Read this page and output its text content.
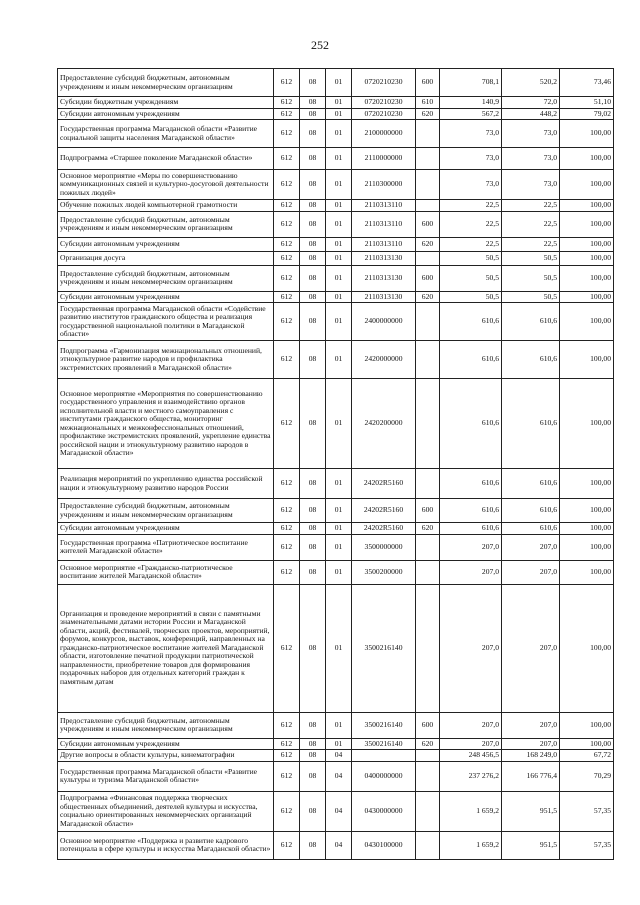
252
Предоставление субсидий бюджетным, автономным учреждениям и иным некоммерческим организациям	612	08	01	0720210230	600	708,1	520,2	73,46
Субсидии бюджетным учреждениям	612	08	01	0720210230	610	140,9	72,0	51,10
Субсидии автономным учреждениям	612	08	01	0720210230	620	567,2	448,2	79,02
Государственная программа Магаданской области «Развитие социальной защиты населения Магаданской области»	612	08	01	2100000000		73,0	73,0	100,00
Подпрограмма «Старшее поколение Магаданской области»	612	08	01	2110000000		73,0	73,0	100,00
Основное мероприятие «Меры по совершенствованию коммуникационных связей и культурно-досуговой деятельности пожилых людей»	612	08	01	2110300000		73,0	73,0	100,00
Обучение пожилых людей компьютерной грамотности	612	08	01	2110313110		22,5	22,5	100,00
Предоставление субсидий бюджетным, автономным учреждениям и иным некоммерческим организациям	612	08	01	2110313110	600	22,5	22,5	100,00
Субсидии автономным учреждениям	612	08	01	2110313110	620	22,5	22,5	100,00
Организация досуга	612	08	01	2110313130		50,5	50,5	100,00
Предоставление субсидий бюджетным, автономным учреждениям и иным некоммерческим организациям	612	08	01	2110313130	600	50,5	50,5	100,00
Субсидии автономным учреждениям	612	08	01	2110313130	620	50,5	50,5	100,00
Государственная программа Магаданской области «Содействие развитию институтов гражданского общества и реализация государственной национальной политики в Магаданской области»	612	08	01	2400000000		610,6	610,6	100,00
Подпрограмма «Гармонизация межнациональных отношений, этнокультурное развитие народов и профилактика экстремистских проявлений в Магаданской области»	612	08	01	2420000000		610,6	610,6	100,00
Основное мероприятие «Мероприятия по совершенствованию государственного управления и взаимодействию органов исполнительной власти и местного самоуправления с институтами гражданского общества, мониторинг межнациональных и межконфессиональных отношений, профилактике экстремистских проявлений, укрепление единства российской нации и этнокультурному развитию народов в Магаданской области»	612	08	01	2420200000		610,6	610,6	100,00
Реализация мероприятий по укреплению единства российской нации и этнокультурному развитию народов России	612	08	01	24202R5160		610,6	610,6	100,00
Предоставление субсидий бюджетным, автономным учреждениям и иным некоммерческим организациям	612	08	01	24202R5160	600	610,6	610,6	100,00
Субсидии автономным учреждениям	612	08	01	24202R5160	620	610,6	610,6	100,00
Государственная программа «Патриотическое воспитание жителей Магаданской области»	612	08	01	3500000000		207,0	207,0	100,00
Основное мероприятие «Гражданско-патриотическое воспитание жителей Магаданской области»	612	08	01	3500200000		207,0	207,0	100,00
Организация и проведение мероприятий в связи с памятными знаменательными датами истории России и Магаданской области, акций, фестивалей, творческих проектов, мероприятий, форумов, конкурсов, выставок, конференций, направленных на гражданско-патриотическое воспитание жителей Магаданской области, изготовление печатной продукции патриотической направленности, приобретение товаров для формирования подарочных наборов для отдельных категорий граждан к памятным датам	612	08	01	3500216140		207,0	207,0	100,00
Предоставление субсидий бюджетным, автономным учреждениям и иным некоммерческим организациям	612	08	01	3500216140	600	207,0	207,0	100,00
Субсидии автономным учреждениям	612	08	01	3500216140	620	207,0	207,0	100,00
Другие вопросы в области культуры, кинематографии	612	08	04			248 456,5	168 249,0	67,72
Государственная программа Магаданской области «Развитие культуры и туризма Магаданской области»	612	08	04	0400000000		237 276,2	166 776,4	70,29
Подпрограмма «Финансовая поддержка творческих общественных объединений, деятелей культуры и искусства, социально ориентированных некоммерческих организаций Магаданской области»	612	08	04	0430000000		1 659,2	951,5	57,35
Основное мероприятие «Поддержка и развитие кадрового потенциала в сфере культуры и искусства Магаданской области»	612	08	04	0430100000		1 659,2	951,5	57,35
